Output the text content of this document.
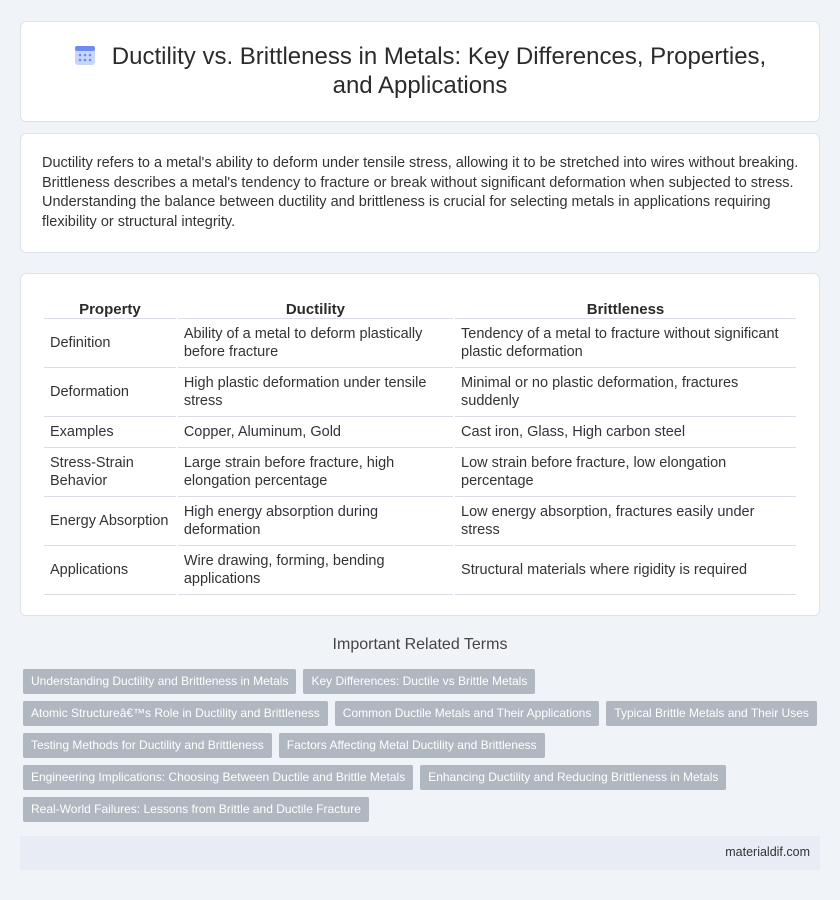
Ductility vs. Brittleness in Metals: Key Differences, Properties, and Applications

Ductility refers to a metal's ability to deform under tensile stress, allowing it to be stretched into wires without breaking. Brittleness describes a metal's tendency to fracture or break without significant deformation when subjected to stress. Understanding the balance between ductility and brittleness is crucial for selecting metals in applications requiring flexibility or structural integrity.

Property	Ductility	Brittleness
Definition	Ability of a metal to deform plastically before fracture	Tendency of a metal to fracture without significant plastic deformation
Deformation	High plastic deformation under tensile stress	Minimal or no plastic deformation, fractures suddenly
Examples	Copper, Aluminum, Gold	Cast iron, Glass, High carbon steel
Stress-Strain Behavior	Large strain before fracture, high elongation percentage	Low strain before fracture, low elongation percentage
Energy Absorption	High energy absorption during deformation	Low energy absorption, fractures easily under stress
Applications	Wire drawing, forming, bending applications	Structural materials where rigidity is required
Important Related Terms
Understanding Ductility and Brittleness in Metals	Key Differences: Ductile vs Brittle Metals
Atomic Structureâ€™s Role in Ductility and Brittleness	Common Ductile Metals and Their Applications	Typical Brittle Metals and Their Uses
Testing Methods for Ductility and Brittleness	Factors Affecting Metal Ductility and Brittleness
Engineering Implications: Choosing Between Ductile and Brittle Metals	Enhancing Ductility and Reducing Brittleness in Metals
Real-World Failures: Lessons from Brittle and Ductile Fracture
materialdif.com
